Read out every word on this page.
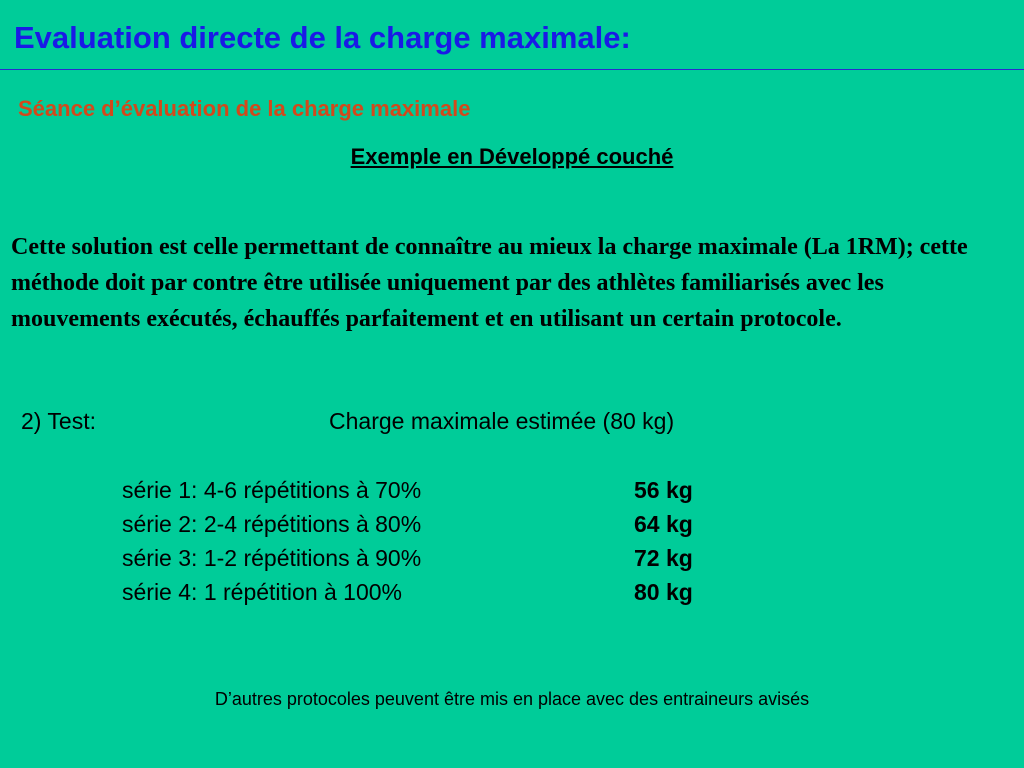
Evaluation directe de la charge maximale:
Séance d’évaluation de la charge maximale
Exemple en Développé couché
Cette solution est celle permettant de connaître au mieux la charge maximale (La 1RM); cette méthode doit par contre être utilisée uniquement par des athlètes familiarisés avec les mouvements exécutés, échauffés parfaitement et en utilisant un certain protocole.
2) Test:	Charge maximale estimée (80 kg)
série 1: 4-6 répétitions à 70%	56 kg
série 2: 2-4 répétitions à 80%	64 kg
série 3: 1-2 répétitions à 90%	72 kg
série 4: 1 répétition à 100%	80 kg
D’autres protocoles peuvent être mis en place avec des entraineurs avisés
